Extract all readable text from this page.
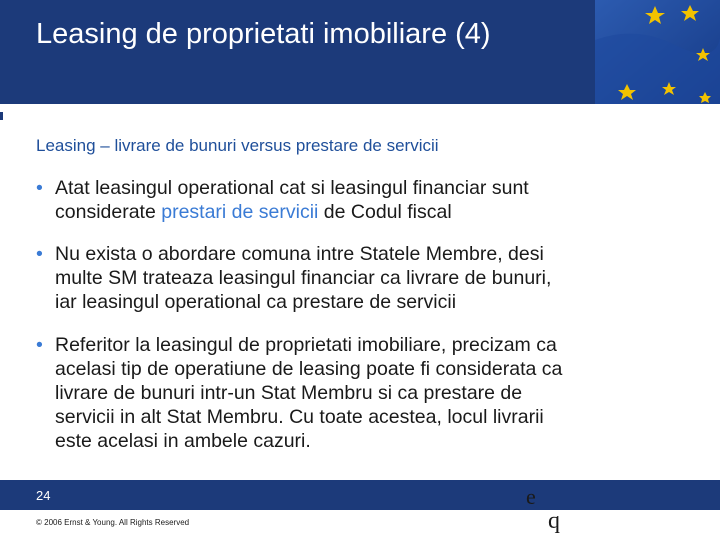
Leasing de proprietati imobiliare (4)
Leasing – livrare de bunuri versus prestare de servicii
• Atat leasingul operational cat si leasingul financiar sunt
considerate prestari de servicii de Codul fiscal
• Nu exista o abordare comuna intre Statele Membre, desi
multe SM trateaza leasingul financiar ca livrare de bunuri,
iar leasingul operational ca prestare de servicii
• Referitor la leasingul de proprietati imobiliare, precizam ca
acelasi tip de operatiune de leasing poate fi considerata ca
livrare de bunuri intr-un Stat Membru si ca prestare de
servicii in alt Stat Membru. Cu toate acestea, locul livrarii
este acelasi in ambele cazuri.
24
© 2006 Ernst & Young. All Rights Reserved
e
q
